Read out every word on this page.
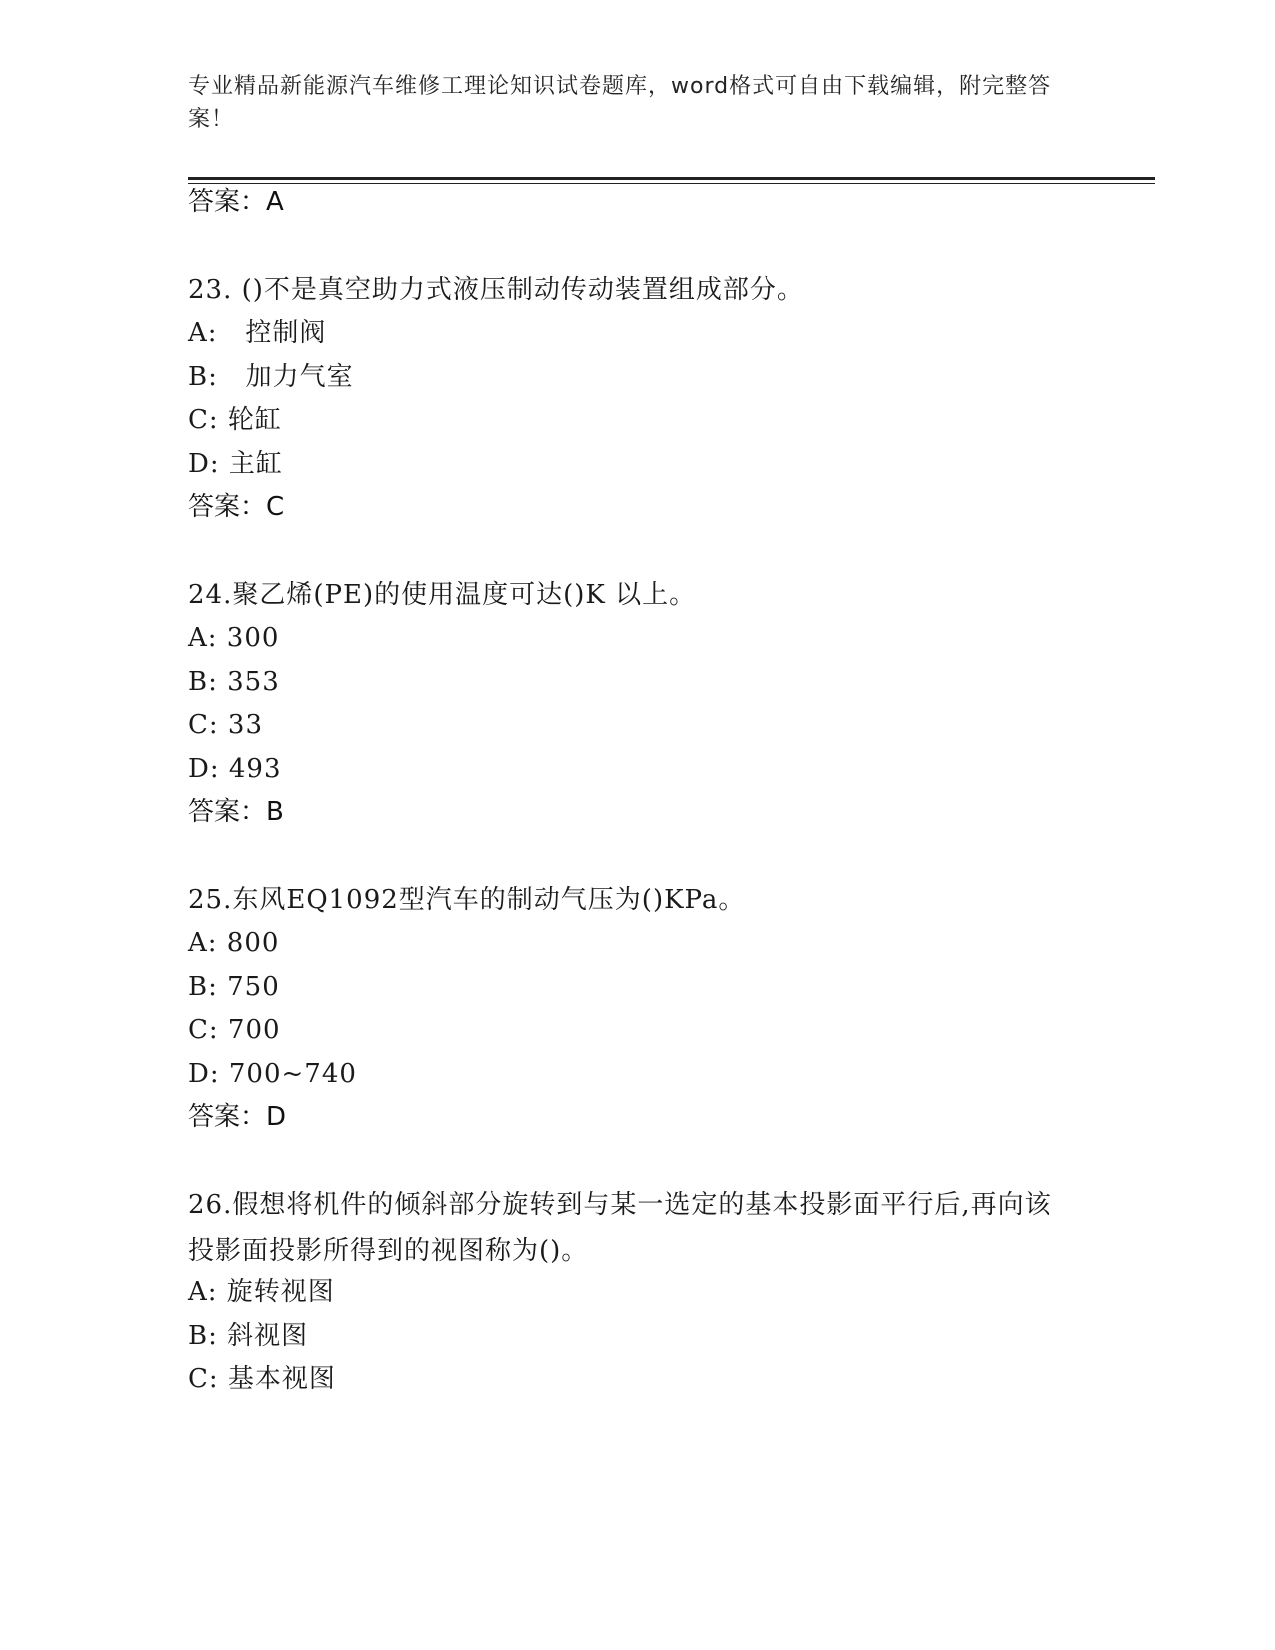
专业精品新能源汽车维修工理论知识试卷题库，word格式可自由下载编辑，附完整答案！
答案：A
23. ()不是真空助力式液压制动传动装置组成部分。
A:   控制阀
B:   加力气室
C: 轮缸
D: 主缸
答案：C
24.聚乙烯(PE)的使用温度可达()K 以上。
A: 300
B: 353
C: 33
D: 493
答案：B
25.东风EQ1092型汽车的制动气压为()KPa。
A: 800
B: 750
C: 700
D: 700~740
答案：D
26.假想将机件的倾斜部分旋转到与某一选定的基本投影面平行后,再向该投影面投影所得到的视图称为()。
A: 旋转视图
B: 斜视图
C: 基本视图
